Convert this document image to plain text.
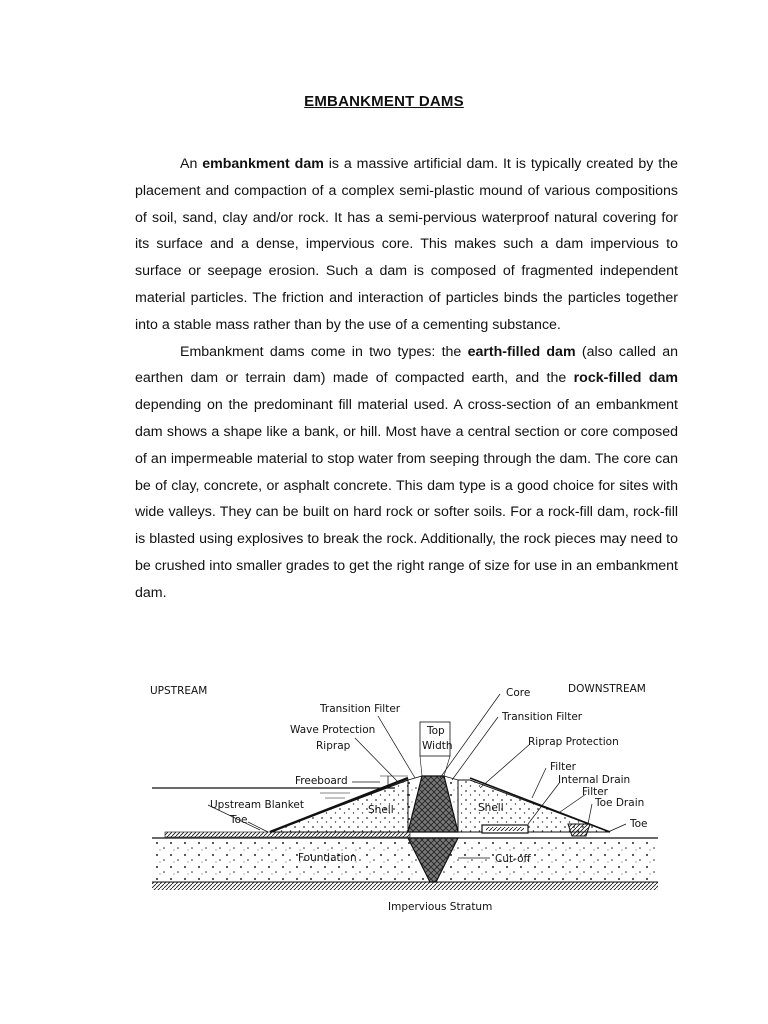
EMBANKMENT DAMS

An embankment dam is a massive artificial dam. It is typically created by the placement and compaction of a complex semi-plastic mound of various compositions of soil, sand, clay and/or rock. It has a semi-pervious waterproof natural covering for its surface and a dense, impervious core. This makes such a dam impervious to surface or seepage erosion. Such a dam is composed of fragmented independent material particles. The friction and interaction of particles binds the particles together into a stable mass rather than by the use of a cementing substance.

Embankment dams come in two types: the earth-filled dam (also called an earthen dam or terrain dam) made of compacted earth, and the rock-filled dam depending on the predominant fill material used. A cross-section of an embankment dam shows a shape like a bank, or hill. Most have a central section or core composed of an impermeable material to stop water from seeping through the dam. The core can be of clay, concrete, or asphalt concrete. This dam type is a good choice for sites with wide valleys. They can be built on hard rock or softer soils. For a rock-fill dam, rock-fill is blasted using explosives to break the rock. Additionally, the rock pieces may need to be crushed into smaller grades to get the right range of size for use in an embankment dam.

UPSTREAM	DOWNSTREAM
Core
Transition Filter
Transition Filter
Wave Protection
Riprap
Top
Width	Riprap Protection
Filter
Internal Drain
Filter
Freeboard
Toe Drain
Upstream Blanket	Shell	Shell
Toe	Toe
Foundation	Cut-off
Impervious Stratum
